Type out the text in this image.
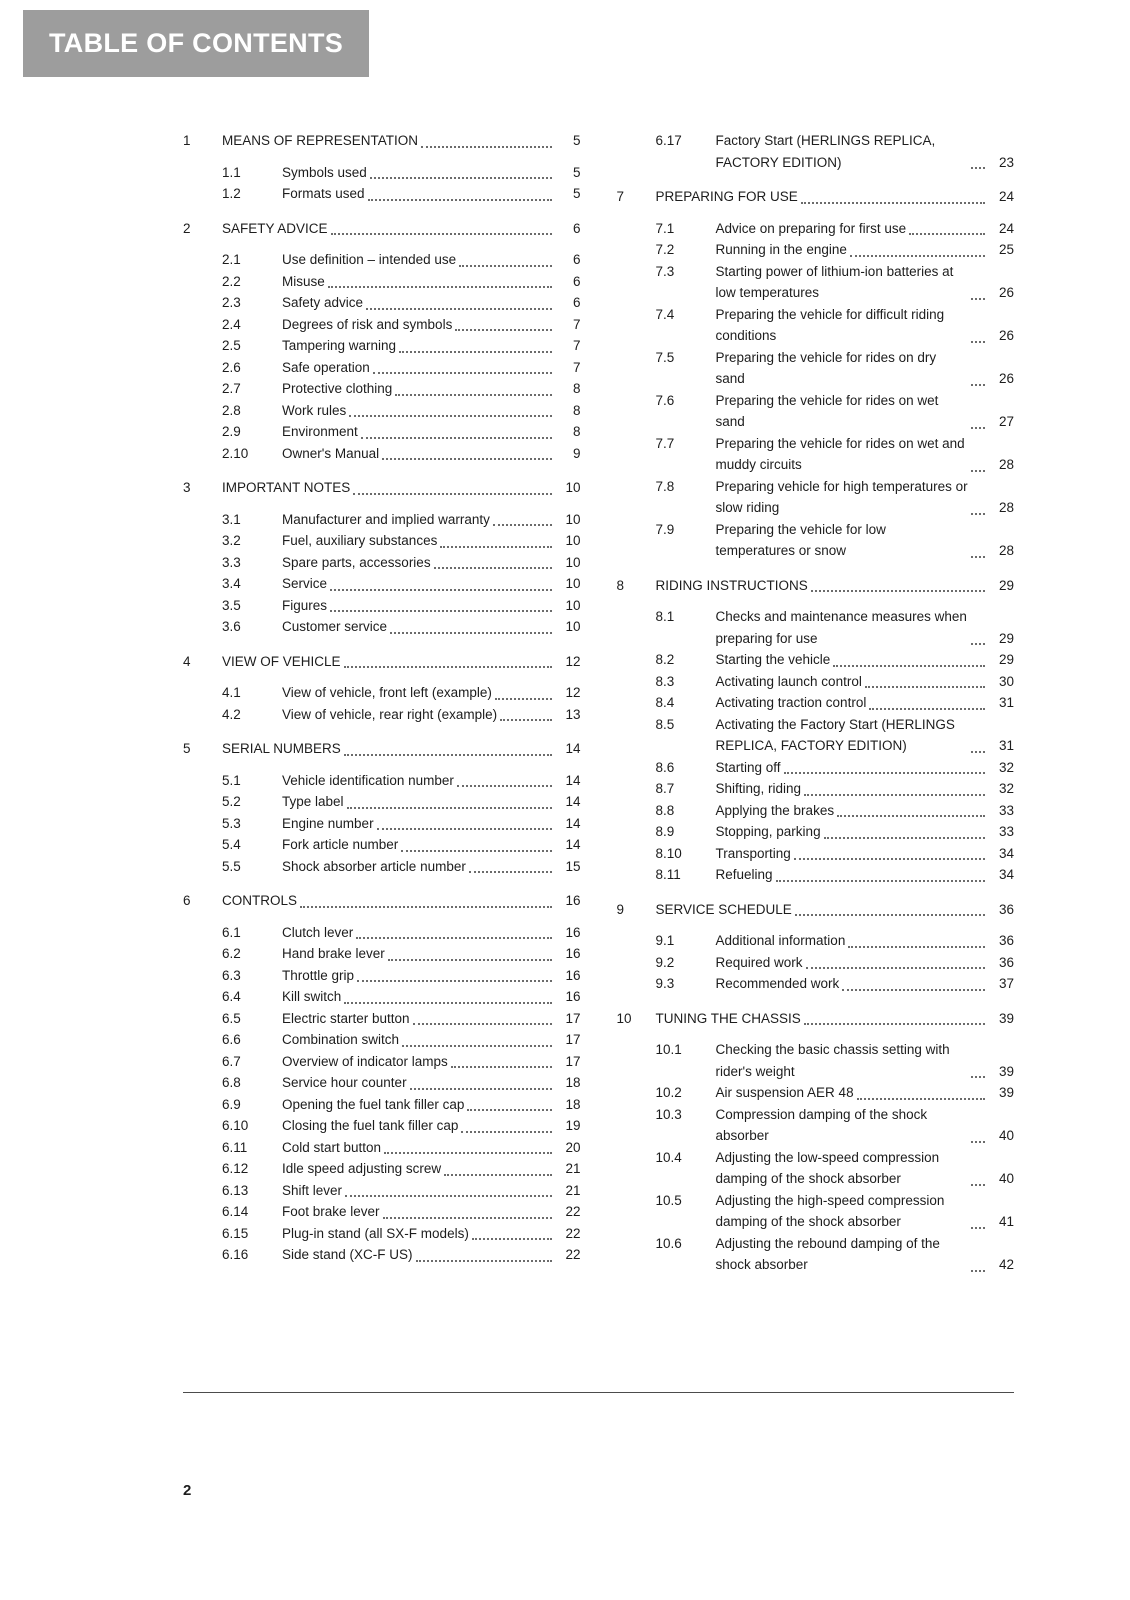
TABLE OF CONTENTS
1	MEANS OF REPRESENTATION	5
1.1	Symbols used	5
1.2	Formats used	5
2	SAFETY ADVICE	6
2.1	Use definition – intended use	6
2.2	Misuse	6
2.3	Safety advice	6
2.4	Degrees of risk and symbols	7
2.5	Tampering warning	7
2.6	Safe operation	7
2.7	Protective clothing	8
2.8	Work rules	8
2.9	Environment	8
2.10	Owner's Manual	9
3	IMPORTANT NOTES	10
3.1	Manufacturer and implied warranty	10
3.2	Fuel, auxiliary substances	10
3.3	Spare parts, accessories	10
3.4	Service	10
3.5	Figures	10
3.6	Customer service	10
4	VIEW OF VEHICLE	12
4.1	View of vehicle, front left (example)	12
4.2	View of vehicle, rear right (example)	13
5	SERIAL NUMBERS	14
5.1	Vehicle identification number	14
5.2	Type label	14
5.3	Engine number	14
5.4	Fork article number	14
5.5	Shock absorber article number	15
6	CONTROLS	16
6.1	Clutch lever	16
6.2	Hand brake lever	16
6.3	Throttle grip	16
6.4	Kill switch	16
6.5	Electric starter button	17
6.6	Combination switch	17
6.7	Overview of indicator lamps	17
6.8	Service hour counter	18
6.9	Opening the fuel tank filler cap	18
6.10	Closing the fuel tank filler cap	19
6.11	Cold start button	20
6.12	Idle speed adjusting screw	21
6.13	Shift lever	21
6.14	Foot brake lever	22
6.15	Plug-in stand (all SX-F models)	22
6.16	Side stand (XC-F US)	22
6.17	Factory Start (HERLINGS REPLICA, FACTORY EDITION)	23
7	PREPARING FOR USE	24
7.1	Advice on preparing for first use	24
7.2	Running in the engine	25
7.3	Starting power of lithium-ion batteries at low temperatures	26
7.4	Preparing the vehicle for difficult riding conditions	26
7.5	Preparing the vehicle for rides on dry sand	26
7.6	Preparing the vehicle for rides on wet sand	27
7.7	Preparing the vehicle for rides on wet and muddy circuits	28
7.8	Preparing vehicle for high temperatures or slow riding	28
7.9	Preparing the vehicle for low temperatures or snow	28
8	RIDING INSTRUCTIONS	29
8.1	Checks and maintenance measures when preparing for use	29
8.2	Starting the vehicle	29
8.3	Activating launch control	30
8.4	Activating traction control	31
8.5	Activating the Factory Start (HERLINGS REPLICA, FACTORY EDITION)	31
8.6	Starting off	32
8.7	Shifting, riding	32
8.8	Applying the brakes	33
8.9	Stopping, parking	33
8.10	Transporting	34
8.11	Refueling	34
9	SERVICE SCHEDULE	36
9.1	Additional information	36
9.2	Required work	36
9.3	Recommended work	37
10	TUNING THE CHASSIS	39
10.1	Checking the basic chassis setting with rider's weight	39
10.2	Air suspension AER 48	39
10.3	Compression damping of the shock absorber	40
10.4	Adjusting the low-speed compression damping of the shock absorber	40
10.5	Adjusting the high-speed compression damping of the shock absorber	41
10.6	Adjusting the rebound damping of the shock absorber	42
2
